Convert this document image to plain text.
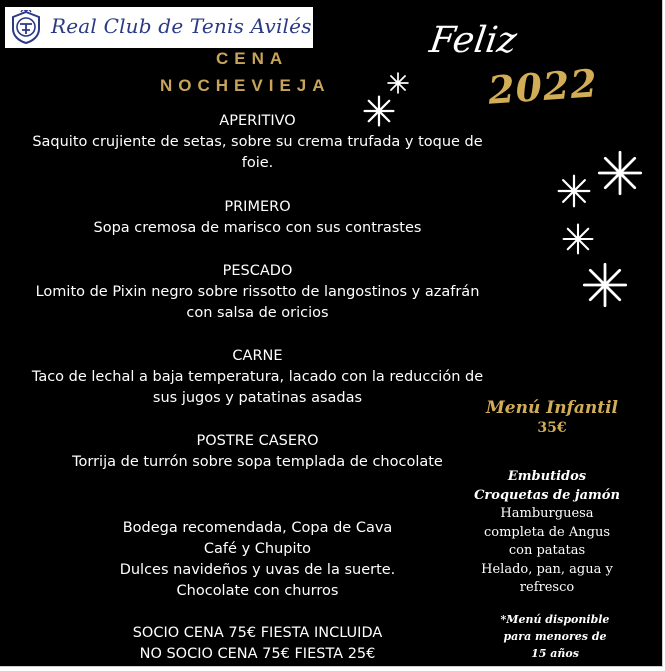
Real Club de Tenis Avilés
CENA
NOCHEVIEJA
Feliz
2022
APERITIVO
Saquito crujiente de setas, sobre su crema trufada y toque de
foie.
PRIMERO
Sopa cremosa de marisco con sus contrastes
PESCADO
Lomito de Pixin negro sobre rissotto de langostinos y azafrán
con salsa de oricios
CARNE
Taco de lechal a baja temperatura, lacado con la reducción de
sus jugos y patatinas asadas
POSTRE CASERO
Torrija de turrón sobre sopa templada de chocolate
Bodega recomendada, Copa de Cava
Café y Chupito
Dulces navideños y uvas de la suerte.
Chocolate con churros
SOCIO CENA 75€ FIESTA INCLUIDA
NO SOCIO CENA 75€ FIESTA 25€
Menú Infantil
35€
Embutidos
Croquetas de jamón
Hamburguesa
completa de Angus
con patatas
Helado, pan, agua y
refresco
*Menú disponible
para menores de
15 años
